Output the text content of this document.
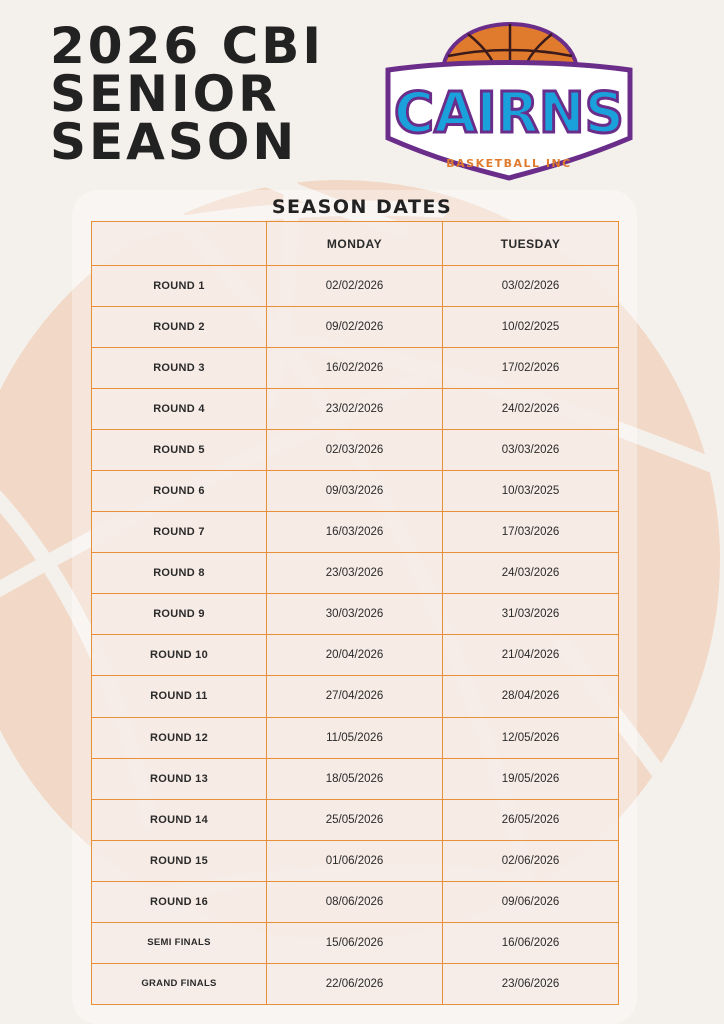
2026 CBI
SENIOR
SEASON	CAIRNS
BASKETBALL INC
SEASON DATES
	MONDAY	TUESDAY
ROUND 1	02/02/2026	03/02/2026
ROUND 2	09/02/2026	10/02/2025
ROUND 3	16/02/2026	17/02/2026
ROUND 4	23/02/2026	24/02/2026
ROUND 5	02/03/2026	03/03/2026
ROUND 6	09/03/2026	10/03/2025
ROUND 7	16/03/2026	17/03/2026
ROUND 8	23/03/2026	24/03/2026
ROUND 9	30/03/2026	31/03/2026
ROUND 10	20/04/2026	21/04/2026
ROUND 11	27/04/2026	28/04/2026
ROUND 12	11/05/2026	12/05/2026
ROUND 13	18/05/2026	19/05/2026
ROUND 14	25/05/2026	26/05/2026
ROUND 15	01/06/2026	02/06/2026
ROUND 16	08/06/2026	09/06/2026
SEMI FINALS	15/06/2026	16/06/2026
GRAND FINALS	22/06/2026	23/06/2026
